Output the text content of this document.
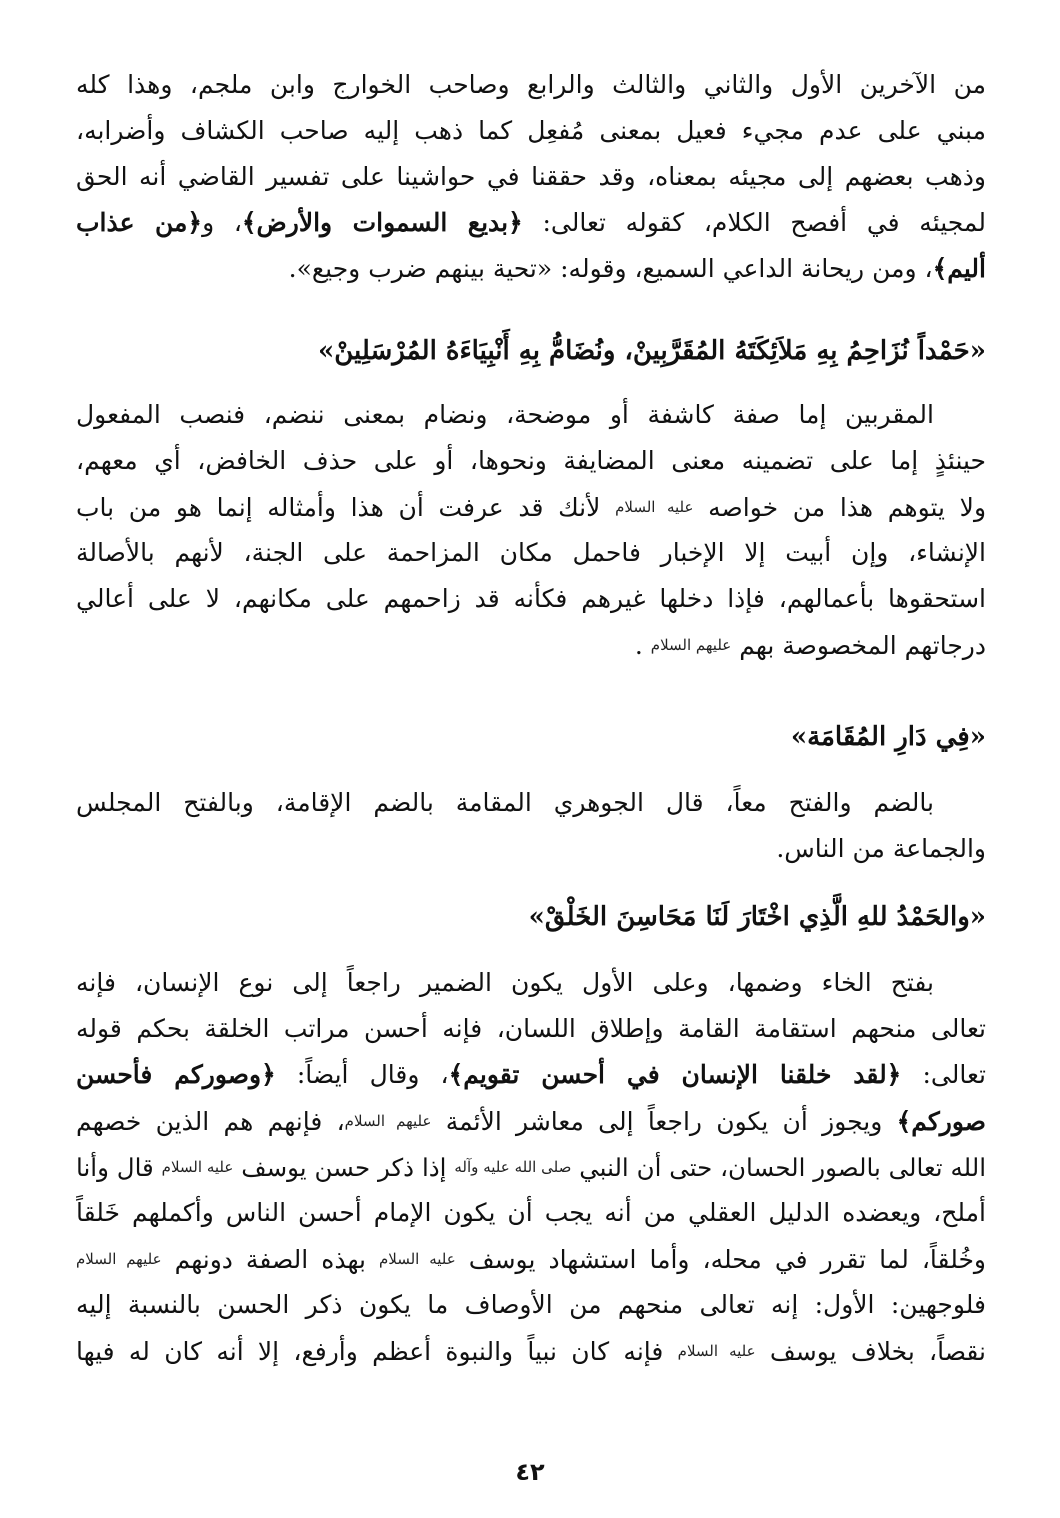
من الآخرين الأول والثاني والثالث والرابع وصاحب الخوارج وابن ملجم، وهذا كله
مبني على عدم مجيء فعيل بمعنى مُفعِل كما ذهب إليه صاحب الكشاف وأضرابه،
وذهب بعضهم إلى مجيئه بمعناه، وقد حققنا في حواشينا على تفسير القاضي أنه الحق
لمجيئه في أفصح الكلام، كقوله تعالى: ﴿بديع السموات والأرض﴾، و﴿من عذاب
أليم﴾، ومن ريحانة الداعي السميع، وقوله: «تحية بينهم ضرب وجيع».
«حَمْداً نُزَاحِمُ بِهِ مَلاَئِكَتَهُ المُقَرَّبِينْ، ونُضَامُّ بِهِ أَنْبِيَاءَهُ المُرْسَلِينْ»
المقربين إما صفة كاشفة أو موضحة، ونضام بمعنى ننضم، فنصب المفعول
حينئذٍ إما على تضمينه معنى المضايفة ونحوها، أو على حذف الخافض، أي معهم،
ولا يتوهم هذا من خواصه عليه السلام لأنك قد عرفت أن هذا وأمثاله إنما هو من باب
الإنشاء، وإن أبيت إلا الإخبار فاحمل مكان المزاحمة على الجنة، لأنهم بالأصالة
استحقوها بأعمالهم، فإذا دخلها غيرهم فكأنه قد زاحمهم على مكانهم، لا على أعالي
درجاتهم المخصوصة بهم عليهم السلام .
«فِي دَارِ المُقَامَة»
بالضم والفتح معاً، قال الجوهري المقامة بالضم الإقامة، وبالفتح المجلس
والجماعة من الناس.
«والحَمْدُ للهِ الَّذِي اخْتَارَ لَنَا مَحَاسِنَ الخَلْقْ»
بفتح الخاء وضمها، وعلى الأول يكون الضمير راجعاً إلى نوع الإنسان، فإنه
تعالى منحهم استقامة القامة وإطلاق اللسان، فإنه أحسن مراتب الخلقة بحكم قوله
تعالى: ﴿لقد خلقنا الإنسان في أحسن تقويم﴾، وقال أيضاً: ﴿وصوركم فأحسن
صوركم﴾ ويجوز أن يكون راجعاً إلى معاشر الأئمة عليهم السلام، فإنهم هم الذين خصهم
الله تعالى بالصور الحسان، حتى أن النبي صلى الله عليه وآله إذا ذكر حسن يوسف عليه السلام قال وأنا
أملح، ويعضده الدليل العقلي من أنه يجب أن يكون الإمام أحسن الناس وأكملهم خَلقاً
وخُلقاً، لما تقرر في محله، وأما استشهاد يوسف عليه السلام بهذه الصفة دونهم عليهم السلام
فلوجهين: الأول: إنه تعالى منحهم من الأوصاف ما يكون ذكر الحسن بالنسبة إليه
نقصاً، بخلاف يوسف عليه السلام فإنه كان نبياً والنبوة أعظم وأرفع، إلا أنه كان له فيها
٤٢
